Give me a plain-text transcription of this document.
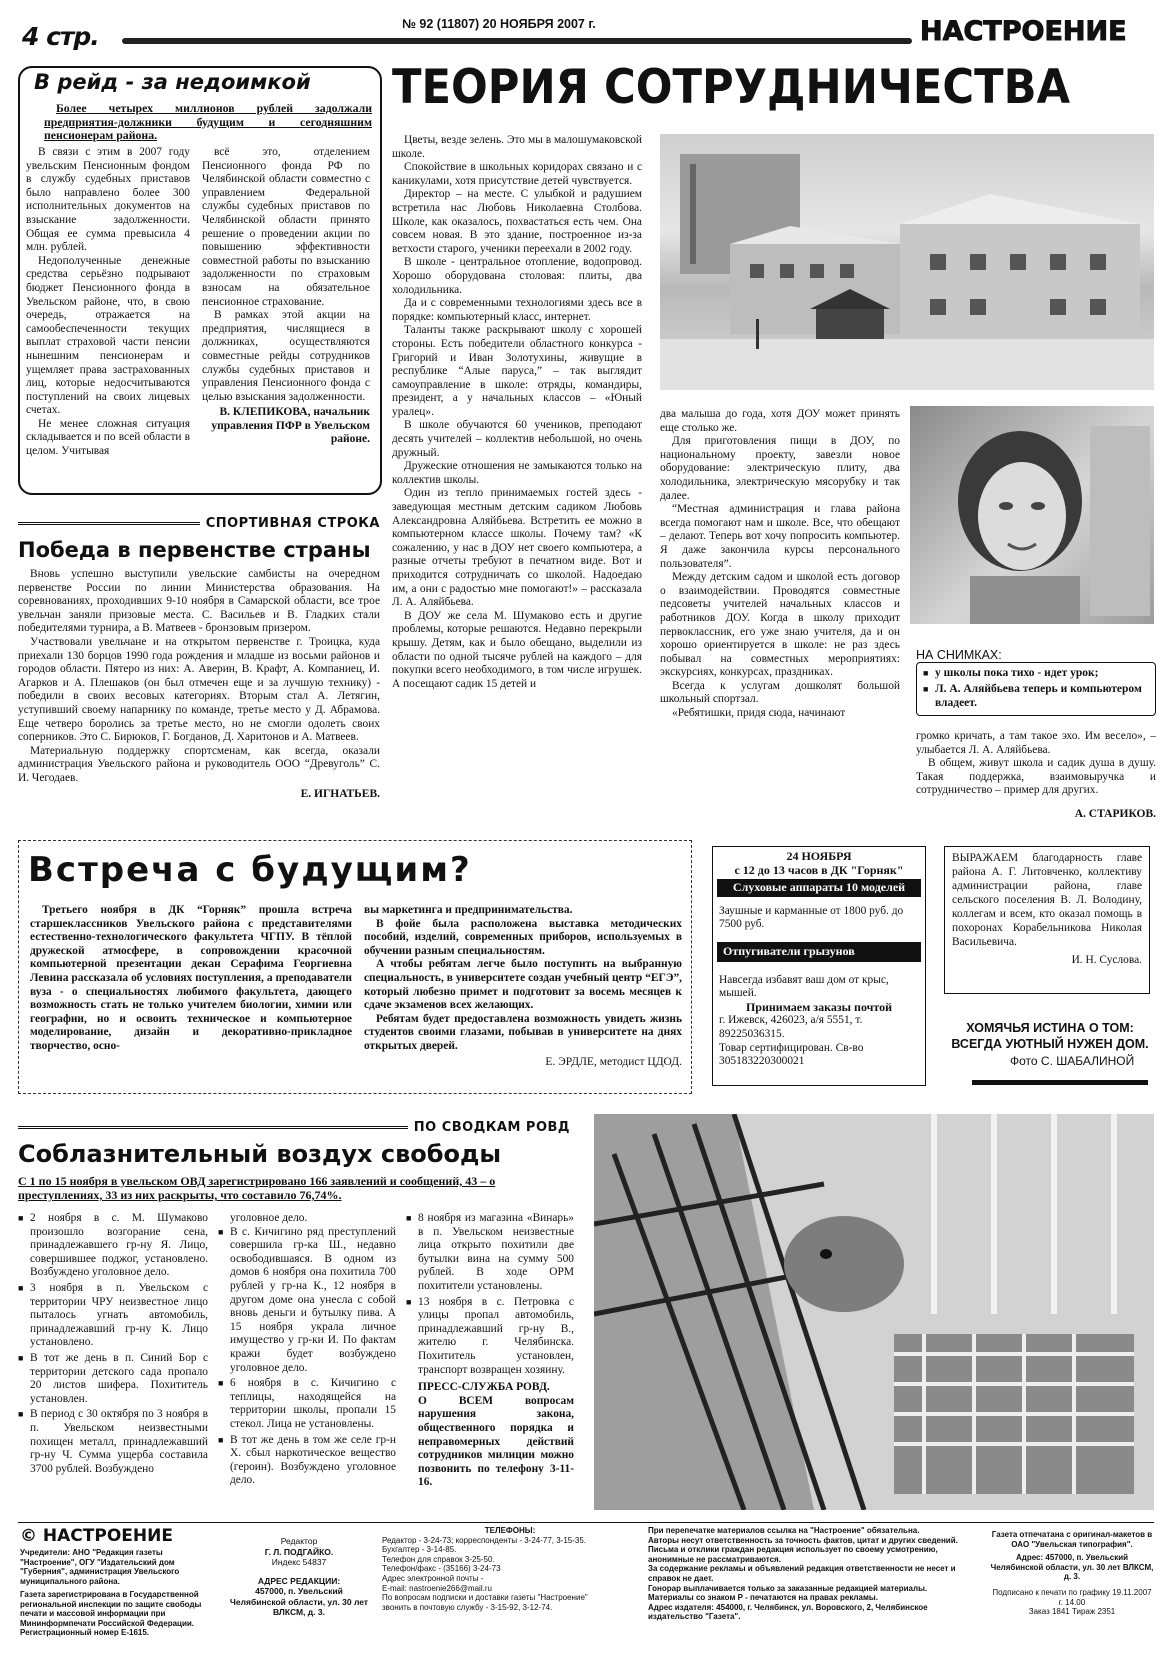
4 стр.	№ 92 (11807) 20 НОЯБРЯ 2007 г.	НАСТРОЕНИЕ
В рейд - за недоимкой
Более четырех миллионов рублей задолжали предприятия-должники будущим и сегодняшним пенсионерам района.

В связи с этим в 2007 году увельским Пенсионным фондом в службу судебных приставов было направлено более 300 исполнительных документов на взыскание задолженности. Общая ее сумма превысила 4 млн. рублей.

Недополученные денежные средства серьёзно подрывают бюджет Пенсионного фонда в Увельском районе, что, в свою очередь, отражается на самообеспеченности текущих выплат страховой части пенсии нынешним пенсионерам и ущемляет права застрахованных лиц, которые недосчитываются поступлений на своих лицевых счетах.

Не менее сложная ситуация складывается и по всей области в целом. Учитывая

всё это, отделением Пенсионного фонда РФ по Челябинской области совместно с управлением Федеральной службы судебных приставов по Челябинской области принято решение о проведении акции по повышению эффективности совместной работы по взысканию задолженности по страховым взносам на обязательное пенсионное страхование.

В рамках этой акции на предприятия, числящиеся в должниках, осуществляются совместные рейды сотрудников службы судебных приставов и управления Пенсионного фонда с целью взыскания задолженности.

В. КЛЕПИКОВА, начальник управления ПФР в Увельском районе.
СПОРТИВНАЯ СТРОКА
Победа в первенстве страны

Вновь успешно выступили увельские самбисты на очередном первенстве России по линии Министерства образования. На соревнованиях, проходивших 9-10 ноября в Самарской области, все трое увельчан заняли призовые места. С. Васильев и В. Гладких стали победителями турнира, а В. Матвеев - бронзовым призером.

Участвовали увельчане и на открытом первенстве г. Троицка, куда приехали 130 борцов 1990 года рождения и младше из восьми районов и городов области. Пятеро из них: А. Аверин, В. Крафт, А. Компаниец, И. Агарков и А. Плешаков (он был отмечен еще и за лучшую технику) - победили в своих весовых категориях. Вторым стал А. Летягин, уступивший своему напарнику по команде, третье место у Д. Абрамова. Еще четверо боролись за третье место, но не смогли одолеть своих соперников. Это С. Бирюков, Г. Богданов, Д. Харитонов и А. Матвеев.

Материальную поддержку спортсменам, как всегда, оказали администрация Увельского района и руководитель ООО “Древуголь” С. И. Чегодаев.

Е. ИГНАТЬЕВ.
ТЕОРИЯ СОТРУДНИЧЕСТВА

Цветы, везде зелень. Это мы в малошумаковской школе.

Спокойствие в школьных коридорах связано и с каникулами, хотя присутствие детей чувствуется.

Директор – на месте. С улыбкой и радушием встретила нас Любовь Николаевна Столбова. Школе, как оказалось, похвастаться есть чем. Она совсем новая. В это здание, построенное из-за ветхости старого, ученики переехали в 2002 году.

В школе - центральное отопление, водопровод. Хорошо оборудована столовая: плиты, два холодильника.

Да и с современными технологиями здесь все в порядке: компьютерный класс, интернет.

Таланты также раскрывают школу с хорошей стороны. Есть победители областного конкурса - Григорий и Иван Золотухины, живущие в республике “Алые паруса,” – так выглядит самоуправление в школе: отряды, командиры, президент, а у начальных классов – «Юный уралец».

В школе обучаются 60 учеников, преподают десять учителей – коллектив небольшой, но очень дружный.

Дружеские отношения не замыкаются только на коллектив школы.

Один из тепло принимаемых гостей здесь - заведующая местным детским садиком Любовь Александровна Аляйбьева. Встретить ее можно в компьютерном классе школы. Почему там? «К сожалению, у нас в ДОУ нет своего компьютера, а разные отчеты требуют в печатном виде. Вот и приходится сотрудничать со школой. Надоедаю им, а они с радостью мне помогают!» – рассказала Л. А. Аляйбьева.

В ДОУ же села М. Шумаково есть и другие проблемы, которые решаются. Недавно перекрыли крышу. Детям, как и было обещано, выделили из области по одной тысяче рублей на каждого – для покупки всего необходимого, в том числе игрушек. А посещают садик 15 детей и

два малыша до года, хотя ДОУ может принять еще столько же.

Для приготовления пищи в ДОУ, по национальному проекту, завезли новое оборудование: электрическую плиту, два холодильника, электрическую мясорубку и так далее.

“Местная администрация и глава района всегда помогают нам и школе. Все, что обещают – делают. Теперь вот хочу попросить компьютер. Я даже закончила курсы персонального пользователя”.

Между детским садом и школой есть договор о взаимодействии. Проводятся совместные педсоветы учителей начальных классов и работников ДОУ. Когда в школу приходит первоклассник, его уже знаю учителя, да и он хорошо ориентируется в школе: не раз здесь побывал на совместных мероприятиях: экскурсиях, конкурсах, праздниках.

Всегда к услугам дошколят большой школьный спортзал.

«Ребятишки, придя сюда, начинают

НА СНИМКАХ:
■ у школы пока тихо - идет урок;
■ Л. А. Аляйбьева теперь и компьютером владеет.

громко кричать, а там такое эхо. Им весело», – улыбается Л. А. Аляйбьева.

В общем, живут школа и садик душа в душу. Такая поддержка, взаимовыручка и сотрудничество – пример для других.

А. СТАРИКОВ.
Встреча с будущим?

Третьего ноября в ДК “Горняк” прошла встреча старшеклассников Увельского района с представителями естественно-технологического факультета ЧГПУ. В тёплой дружеской атмосфере, в сопровождении красочной компьютерной презентации декан Серафима Георгиевна Левина рассказала об условиях поступления, а преподаватели вуза - о специальностях любимого факультета, дающего возможность стать не только учителем биологии, химии или географии, но и освоить техническое и компьютерное моделирование, дизайн и декоративно-прикладное творчество, осно-

вы маркетинга и предпринимательства.

В фойе была расположена выставка методических пособий, изделий, современных приборов, используемых в обучении разным специальностям.

А чтобы ребятам легче было поступить на выбранную специальность, в университете создан учебный центр “ЕГЭ”, который любезно примет и подготовит за восемь месяцев к сдаче экзаменов всех желающих.

Ребятам будет предоставлена возможность увидеть жизнь студентов своими глазами, побывав в университете на днях открытых дверей.

Е. ЭРДЛЕ, методист ЦДОД.
24 НОЯБРЯ
с 12 до 13 часов в ДК "Горняк"
Слуховые аппараты 10 моделей
Заушные и карманные от 1800 руб. до 7500 руб.
Отпугиватели грызунов
Навсегда избавят ваш дом от крыс, мышей.
Принимаем заказы почтой
г. Ижевск, 426023, а/я 5551, т. 89225036315.
Товар сертифицирован. Св-во 305183220300021
ВЫРАЖАЕМ благодарность главе района А. Г. Литовченко, коллективу администрации района, главе сельского поселения В. Л. Володину, коллегам и всем, кто оказал помощь в похоронах Корабельникова Николая Васильевича.
И. Н. Суслова.
ХОМЯЧЬЯ ИСТИНА О ТОМ: ВСЕГДА УЮТНЫЙ НУЖЕН ДОМ.
Фото С. ШАБАЛИНОЙ
ПО СВОДКАМ РОВД
Соблазнительный воздух свободы
С 1 по 15 ноября в увельском ОВД зарегистрировано 166 заявлений и сообщений, 43 – о преступлениях, 33 из них раскрыты, что составило 76,74%.
■ 2 ноября в с. М. Шумаково произошло возгорание сена, принадлежавшего гр-ну Я. Лицо, совершившее поджог, установлено. Возбуждено уголовное дело.
■ 3 ноября в п. Увельском с территории ЧРУ неизвестное лицо пыталось угнать автомобиль, принадлежавший гр-ну К. Лицо установлено.
■ В тот же день в п. Синий Бор с территории детского сада пропало 20 листов шифера. Похититель установлен.
■ В период с 30 октября по 3 ноября в п. Увельском неизвестными похищен металл, принадлежавший гр-ну Ч. Сумма ущерба составила 3700 рублей. Возбуждено
уголовное дело.
■ В с. Кичигино ряд преступлений совершила гр-ка Ш., недавно освободившаяся. В одном из домов 6 ноября она похитила 700 рублей у гр-на К., 12 ноября в другом доме она унесла с собой вновь деньги и бутылку пива. А 15 ноября украла личное имущество у гр-ки И. По фактам кражи будет возбуждено уголовное дело.
■ 6 ноября в с. Кичигино с теплицы, находящейся на территории школы, пропали 15 стекол. Лица не установлены.
■ В тот же день в том же селе гр-н Х. сбыл наркотическое вещество (героин). Возбуждено уголовное дело.
■ 8 ноября из магазина «Винарь» в п. Увельском неизвестные лица открыто похитили две бутылки вина на сумму 500 рублей. В ходе ОРМ похитители установлены.
■ 13 ноября в с. Петровка с улицы пропал автомобиль, принадлежавший гр-ну В., жителю г. Челябинска. Похититель установлен, транспорт возвращен хозяину.
ПРЕСС-СЛУЖБА РОВД.
О ВСЕМ вопросам нарушения закона, общественного порядка и неправомерных действий сотрудников милиции можно позвонить по телефону 3-11-16.
© НАСТРОЕНИЕ
Учредители: АНО "Редакция газеты "Настроение", ОГУ "Издательский дом "Губерния", администрация Увельского муниципального района.
Газета зарегистрирована в Государственной региональной инспекции по защите свободы печати и массовой информации при Мининформпечати Российской Федерации. Регистрационный номер Е-1615.
Редактор
Г. Л. ПОДГАЙКО.
Индекс 54837
АДРЕС РЕДАКЦИИ:
457000, п. Увельский Челябинской области, ул. 30 лет ВЛКСМ, д. 3.
ТЕЛЕФОНЫ:
Редактор - 3-24-73; корреспонденты - 3-24-77, 3-15-35.
Бухгалтер - 3-14-85.
Телефон для справок 3-25-50.
Телефон/факс - (35166) 3-24-73
Адрес электронной почты -
E-mail: nastroenie266@mail.ru
По вопросам подписки и доставки газеты "Настроение"
звонить в почтовую службу - 3-15-92, 3-12-74.
При перепечатке материалов ссылка на "Настроение" обязательна.
Авторы несут ответственность за точность фактов, цитат и других сведений.
Письма и отклики граждан редакция использует по своему усмотрению, анонимные не рассматриваются.
За содержание рекламы и объявлений редакция ответственности не несет и справок не дает.
Гонорар выплачивается только за заказанные редакцией материалы.
Материалы со знаком Р - печатаются на правах рекламы.
Адрес издателя: 454000, г. Челябинск, ул. Воровского, 2, Челябинское издательство "Газета".
Газета отпечатана с оригинал-макетов в ОАО "Увельская типография".
Адрес: 457000, п. Увельский Челябинской области, ул. 30 лет ВЛКСМ, д. 3.
Подписано к печати по графику 19.11.2007 г. 14.00
Заказ 1841 Тираж 2351
